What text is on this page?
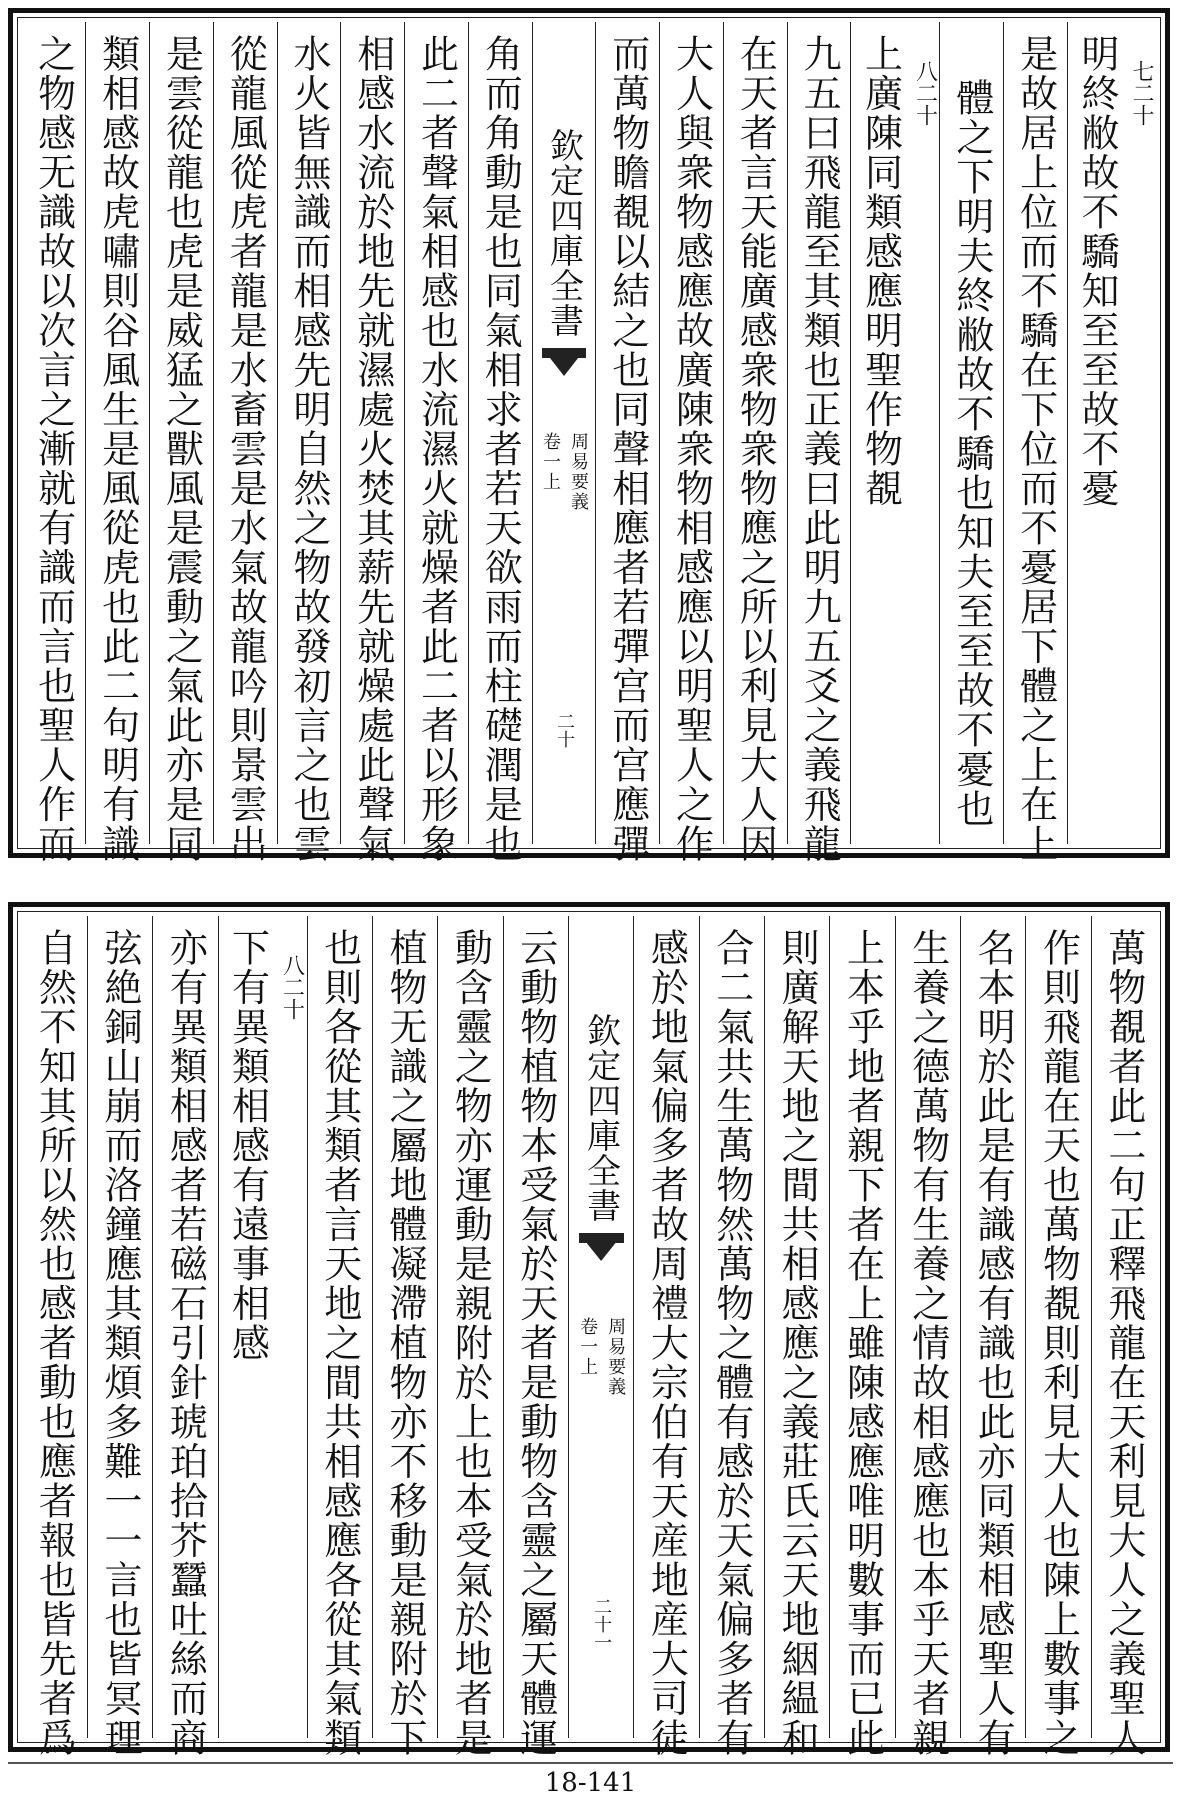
七二十
明終敝故不驕知至至故不憂
是故居上位而不驕在下位而不憂居下體之上在上
體之下明夫終敝故不驕也知夫至至故不憂也
八二十
上廣陳同類感應明聖作物覩
九五曰飛龍至其類也正義曰此明九五爻之義飛龍
在天者言天能廣感衆物衆物應之所以利見大人因
大人與衆物感應故廣陳衆物相感應以明聖人之作
而萬物瞻覩以結之也同聲相應者若彈宫而宫應彈
欽定四庫全書
周易要義
卷一上
二十
角而角動是也同氣相求者若天欲雨而柱礎潤是也
此二者聲氣相感也水流濕火就燥者此二者以形象
相感水流於地先就濕處火焚其薪先就燥處此聲氣
水火皆無識而相感先明自然之物故發初言之也雲
從龍風從虎者龍是水畜雲是水氣故龍吟則景雲出
是雲從龍也虎是威猛之獸風是震動之氣此亦是同
類相感故虎嘯則谷風生是風從虎也此二句明有識
之物感无識故以次言之漸就有識而言也聖人作而
萬物覩者此二句正釋飛龍在天利見大人之義聖人
作則飛龍在天也萬物覩則利見大人也陳上數事之
名本明於此是有識感有識也此亦同類相感聖人有
生養之德萬物有生養之情故相感應也本乎天者親
上本乎地者親下者在上雖陳感應唯明數事而已此
則廣解天地之間共相感應之義莊氏云天地絪緼和
合二氣共生萬物然萬物之體有感於天氣偏多者有
感於地氣偏多者故周禮大宗伯有天産地産大司徒
欽定四庫全書
周易要義
卷一上
二十一
云動物植物本受氣於天者是動物含靈之屬天體運
動含靈之物亦運動是親附於上也本受氣於地者是
植物无識之屬地體凝滯植物亦不移動是親附於下
也則各從其類者言天地之間共相感應各從其氣類
八二十
下有異類相感有遠事相感
亦有異類相感者若磁石引針琥珀拾芥蠶吐絲而商
弦絶銅山崩而洛鐘應其類煩多難一一言也皆冥理
自然不知其所以然也感者動也應者報也皆先者爲
18-141
